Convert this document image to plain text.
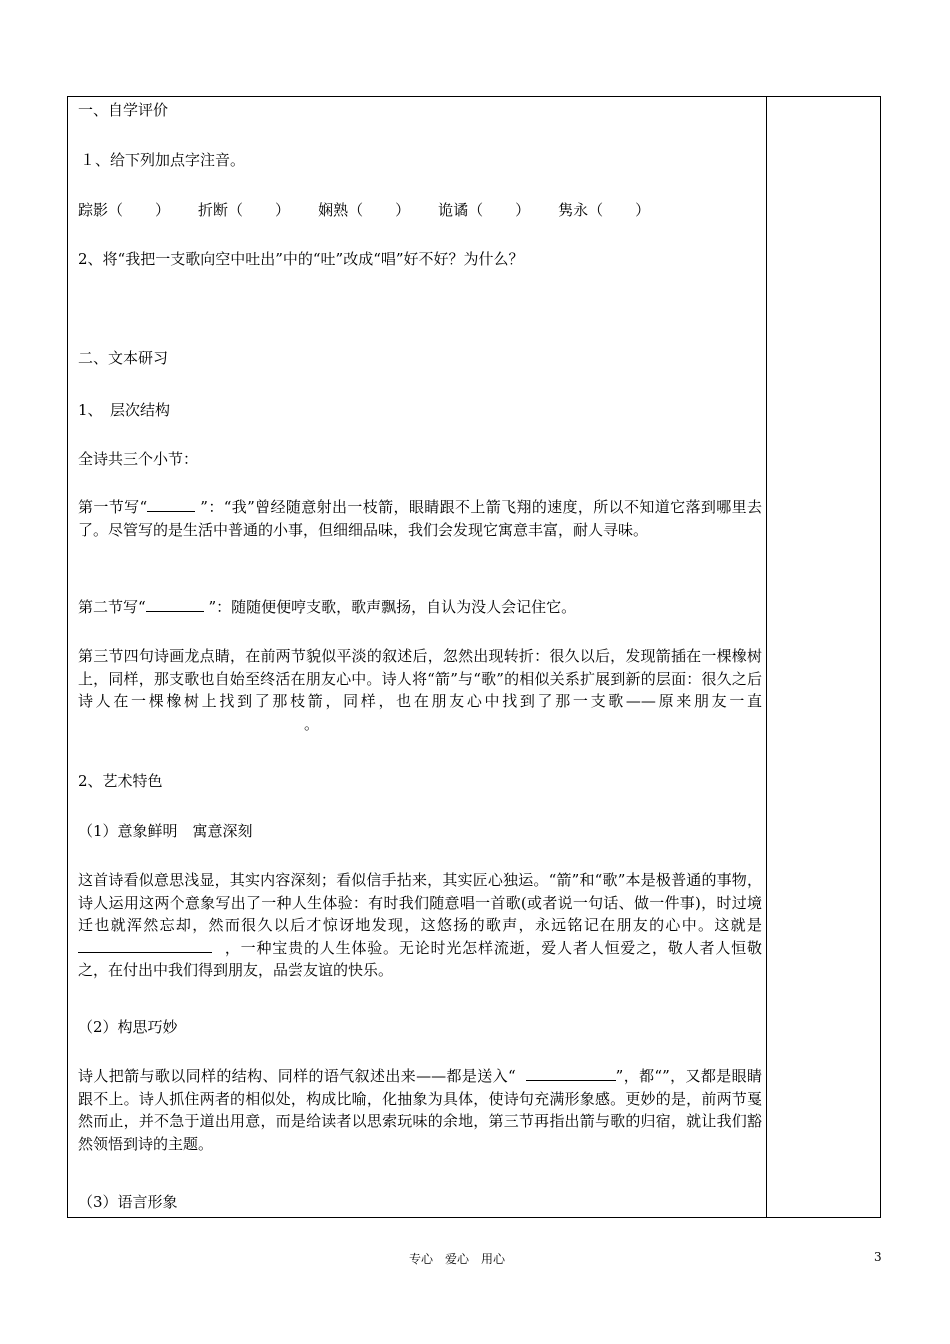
一、自学评价
１、给下列加点字注音。
踪影（ ） 折断（ ） 娴熟（ ） 诡谲（ ） 隽永（ ）
2、将“我把一支歌向空中吐出”中的“吐”改成“唱”好不好？为什么？
二、文本研习
1、　层次结构
全诗共三个小节：
第一节写“	”：“我”曾经随意射出一枝箭，眼睛跟不上箭飞翔的速度，所以不知道它落到哪里去了。尽管写的是生活中普通的小事，但细细品味，我们会发现它寓意丰富，耐人寻味。
第二节写“	”：随随便便哼支歌，歌声飘扬，自认为没人会记住它。
第三节四句诗画龙点睛，在前两节貌似平淡的叙述后，忽然出现转折：很久以后，发现箭插在一棵橡树上，同样，那支歌也自始至终活在朋友心中。诗人将“箭”与“歌”的相似关系扩展到新的层面：很久之后诗人在一棵橡树上找到了那枝箭，同样，也在朋友心中找到了那一支歌——原来朋友一直。
2、艺术特色
（1）意象鲜明　寓意深刻
这首诗看似意思浅显，其实内容深刻；看似信手拈来，其实匠心独运。“箭”和“歌”本是极普通的事物，诗人运用这两个意象写出了一种人生体验：有时我们随意唱一首歌(或者说一句话、做一件事)，时过境迁也就浑然忘却，然而很久以后才惊讶地发现，这悠扬的歌声，永远铭记在朋友的心中。这就是，一种宝贵的人生体验。无论时光怎样流逝，爱人者人恒爱之，敬人者人恒敬之，在付出中我们得到朋友，品尝友谊的快乐。
（2）构思巧妙
诗人把箭与歌以同样的结构、同样的语气叙述出来——都是送入“	”，都“”，又都是眼睛跟不上。诗人抓住两者的相似处，构成比喻，化抽象为具体，使诗句充满形象感。更妙的是，前两节戛然而止，并不急于道出用意，而是给读者以思索玩味的余地，第三节再指出箭与歌的归宿，就让我们豁然领悟到诗的主题。
（3）语言形象
专心　爱心　用心	3
